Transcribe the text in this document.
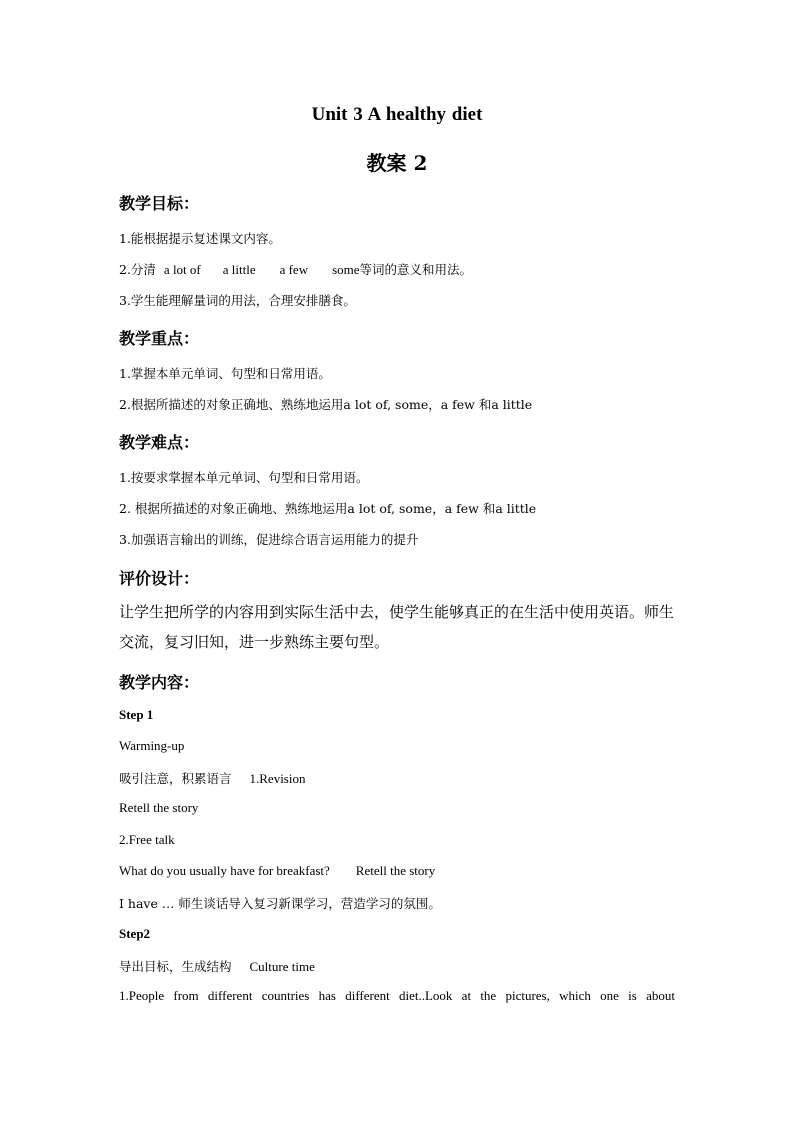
Unit 3 A healthy diet
教案 2
教学目标：
1.能根据提示复述课文内容。
2.分清 a lot of a little a few some等词的意义和用法。
3.学生能理解量词的用法，合理安排膳食。
教学重点：
1.掌握本单元单词、句型和日常用语。
2.根据所描述的对象正确地、熟练地运用a lot of, some，a few 和a little
教学难点：
1.按要求掌握本单元单词、句型和日常用语。
2. 根据所描述的对象正确地、熟练地运用a lot of, some，a few 和a little
3.加强语言输出的训练，促进综合语言运用能力的提升
评价设计：
让学生把所学的内容用到实际生活中去，使学生能够真正的在生活中使用英语。师生交流，复习旧知，进一步熟练主要句型。
教学内容：
Step 1
Warming-up
吸引注意，积累语言 1.Revision
Retell the story
2.Free talk
What do you usually have for breakfast? Retell the story
I have … 师生谈话导入复习新课学习，营造学习的氛围。
Step2
导出目标，生成结构 Culture time
1.People from different countries has different diet..Look at the pictures, which one is about
